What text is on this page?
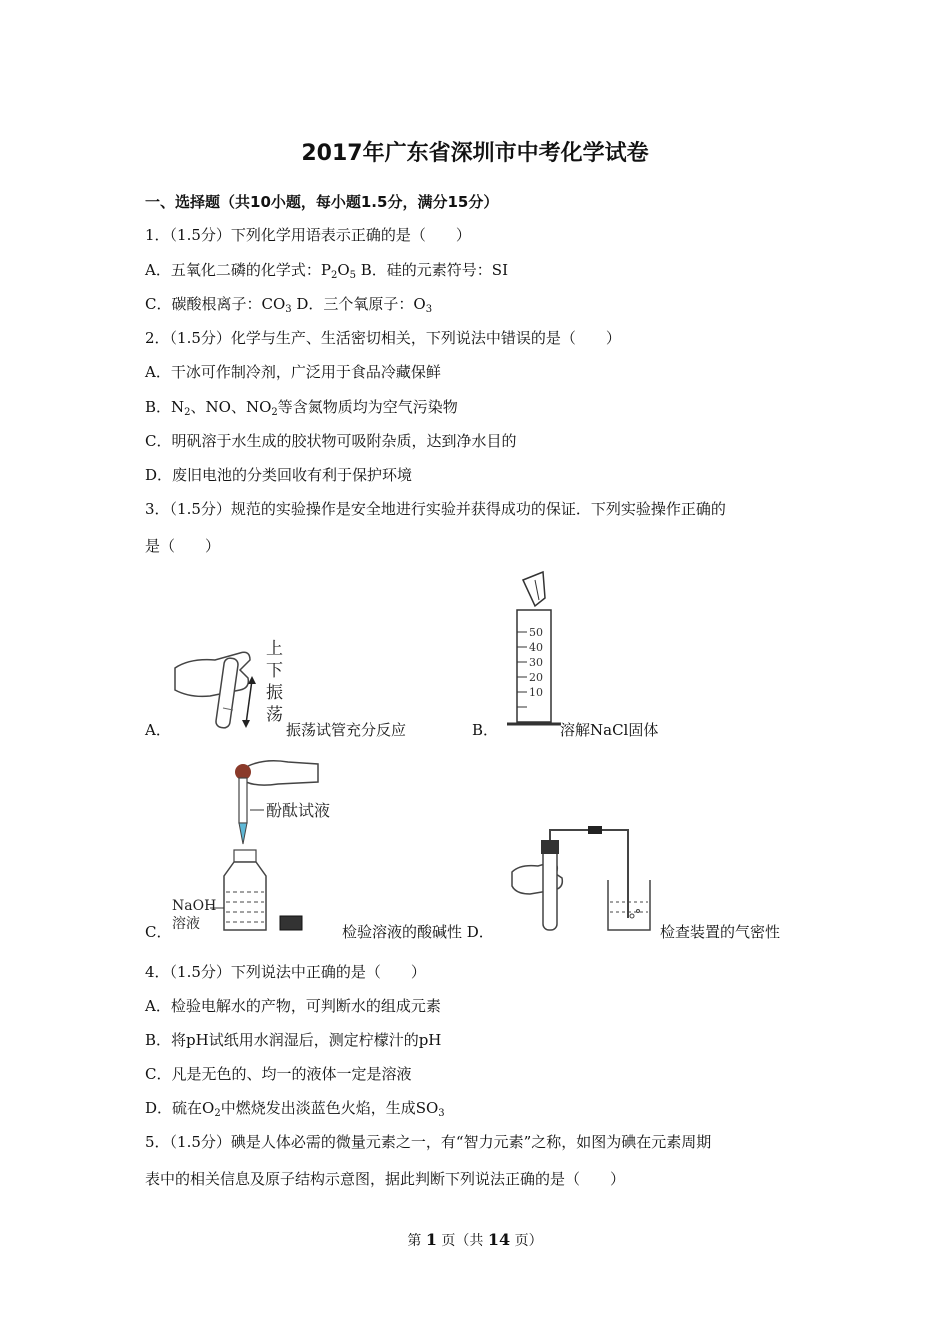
2017年广东省深圳市中考化学试卷
一、选择题（共10小题，每小题1.5分，满分15分）
1．（1.5分）下列化学用语表示正确的是（　　）
A．五氧化二磷的化学式：$P_2O_5$ B．硅的元素符号：SI
C．碳酸根离子：$CO_3$ D．三个氧原子：$O_3$
2．（1.5分）化学与生产、生活密切相关，下列说法中错误的是（　　）
A．干冰可作制冷剂，广泛用于食品冷藏保鲜
B．$N_2$、NO、$NO_2$等含氮物质均为空气污染物
C．明矾溶于水生成的胶状物可吸附杂质，达到净水目的
D．废旧电池的分类回收有利于保护环境
3．（1.5分）规范的实验操作是安全地进行实验并获得成功的保证．下列实验操作正确的
是（　　）
上
下
振
荡
A．	振荡试管充分反应
50
40
30
20
10
B．	溶解NaCl固体
酚酞试液
NaOH
溶液
C．	检验溶液的酸碱性 D．	检查装置的气密性
4．（1.5分）下列说法中正确的是（　　）
A．检验电解水的产物，可判断水的组成元素
B．将pH试纸用水润湿后，测定柠檬汁的pH
C．凡是无色的、均一的液体一定是溶液
D．硫在$O_2$中燃烧发出淡蓝色火焰，生成$SO_3$
5．（1.5分）碘是人体必需的微量元素之一，有“智力元素”之称，如图为碘在元素周期
表中的相关信息及原子结构示意图，据此判断下列说法正确的是（　　）
第 1 页（共 14 页）
